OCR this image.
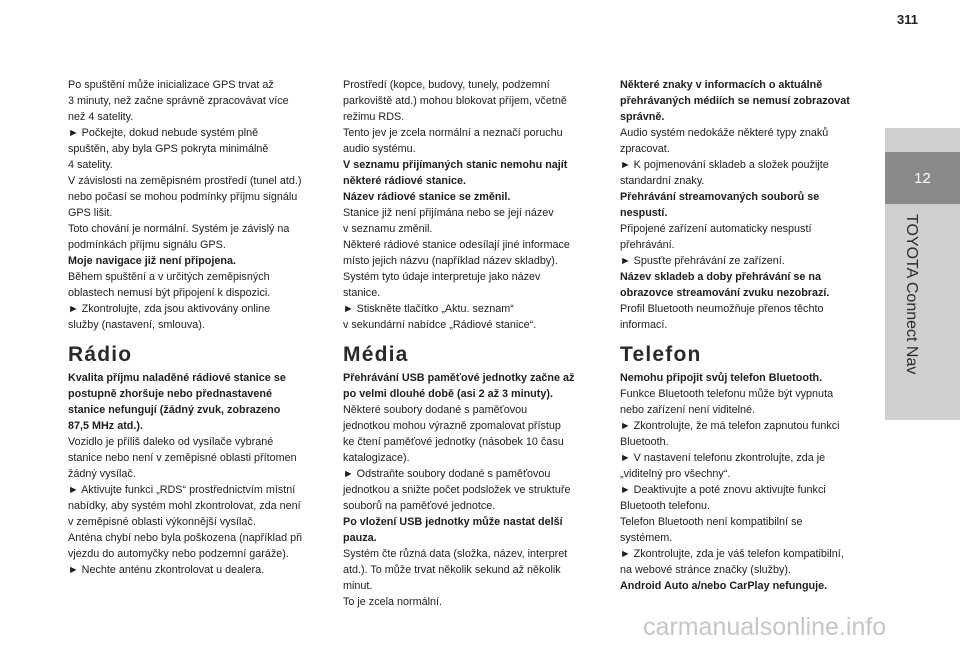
311
12
TOYOTA Connect Nav
Po spuštění může inicializace GPS trvat až
3 minuty, než začne správně zpracovávat více
než 4 satelity.
► Počkejte, dokud nebude systém plně
spuštěn, aby byla GPS pokryta minimálně
4 satelity.
V závislosti na zeměpisném prostředí (tunel atd.)
nebo počasí se mohou podmínky příjmu signálu
GPS lišit.
Toto chování je normální. Systém je závislý na
podmínkách příjmu signálu GPS.
Moje navigace již není připojena.
Během spuštění a v určitých zeměpisných
oblastech nemusí být připojení k dispozici.
► Zkontrolujte, zda jsou aktivovány online
služby (nastavení, smlouva).
Rádio
Kvalita příjmu naladěné rádiové stanice se
postupně zhoršuje nebo přednastavené
stanice nefungují (žádný zvuk, zobrazeno
87,5 MHz atd.).
Vozidlo je příliš daleko od vysílače vybrané
stanice nebo není v zeměpisné oblasti přítomen
žádný vysílač.
► Aktivujte funkci „RDS“ prostřednictvím místní
nabídky, aby systém mohl zkontrolovat, zda není
v zeměpisné oblasti výkonnější vysílač.
Anténa chybí nebo byla poškozena (například při
vjezdu do automyčky nebo podzemní garáže).
► Nechte anténu zkontrolovat u dealera.
Prostředí (kopce, budovy, tunely, podzemní
parkoviště atd.) mohou blokovat příjem, včetně
režimu RDS.
Tento jev je zcela normální a neznačí poruchu
audio systému.
V seznamu přijímaných stanic nemohu najít
některé rádiové stanice.
Název rádiové stanice se změnil.
Stanice již není přijímána nebo se její název
v seznamu změnil.
Některé rádiové stanice odesílají jiné informace
místo jejich názvu (například název skladby).
Systém tyto údaje interpretuje jako název
stanice.
► Stiskněte tlačítko „Aktu. seznam“
v sekundární nabídce „Rádiové stanice“.
Média
Přehrávání USB paměťové jednotky začne až
po velmi dlouhé době (asi 2 až 3 minuty).
Některé soubory dodané s paměťovou
jednotkou mohou výrazně zpomalovat přístup
ke čtení paměťové jednotky (násobek 10 času
katalogizace).
► Odstraňte soubory dodané s paměťovou
jednotkou a snižte počet podsložek ve struktuře
souborů na paměťové jednotce.
Po vložení USB jednotky může nastat delší
pauza.
Systém čte různá data (složka, název, interpret
atd.). To může trvat několik sekund až několik
minut.
To je zcela normální.
Některé znaky v informacích o aktuálně
přehrávaných médiích se nemusí zobrazovat
správně.
Audio systém nedokáže některé typy znaků
zpracovat.
► K pojmenování skladeb a složek použijte
standardní znaky.
Přehrávání streamovaných souborů se
nespustí.
Připojené zařízení automaticky nespustí
přehrávání.
► Spusťte přehrávání ze zařízení.
Název skladeb a doby přehrávání se na
obrazovce streamování zvuku nezobrazí.
Profil Bluetooth neumožňuje přenos těchto
informací.
Telefon
Nemohu připojit svůj telefon Bluetooth.
Funkce Bluetooth telefonu může být vypnuta
nebo zařízení není viditelné.
► Zkontrolujte, že má telefon zapnutou funkci
Bluetooth.
► V nastavení telefonu zkontrolujte, zda je
„viditelný pro všechny“.
► Deaktivujte a poté znovu aktivujte funkci
Bluetooth telefonu.
Telefon Bluetooth není kompatibilní se
systémem.
► Zkontrolujte, zda je váš telefon kompatibilní,
na webové stránce značky (služby).
Android Auto a/nebo CarPlay nefunguje.
carmanualsonline.info
